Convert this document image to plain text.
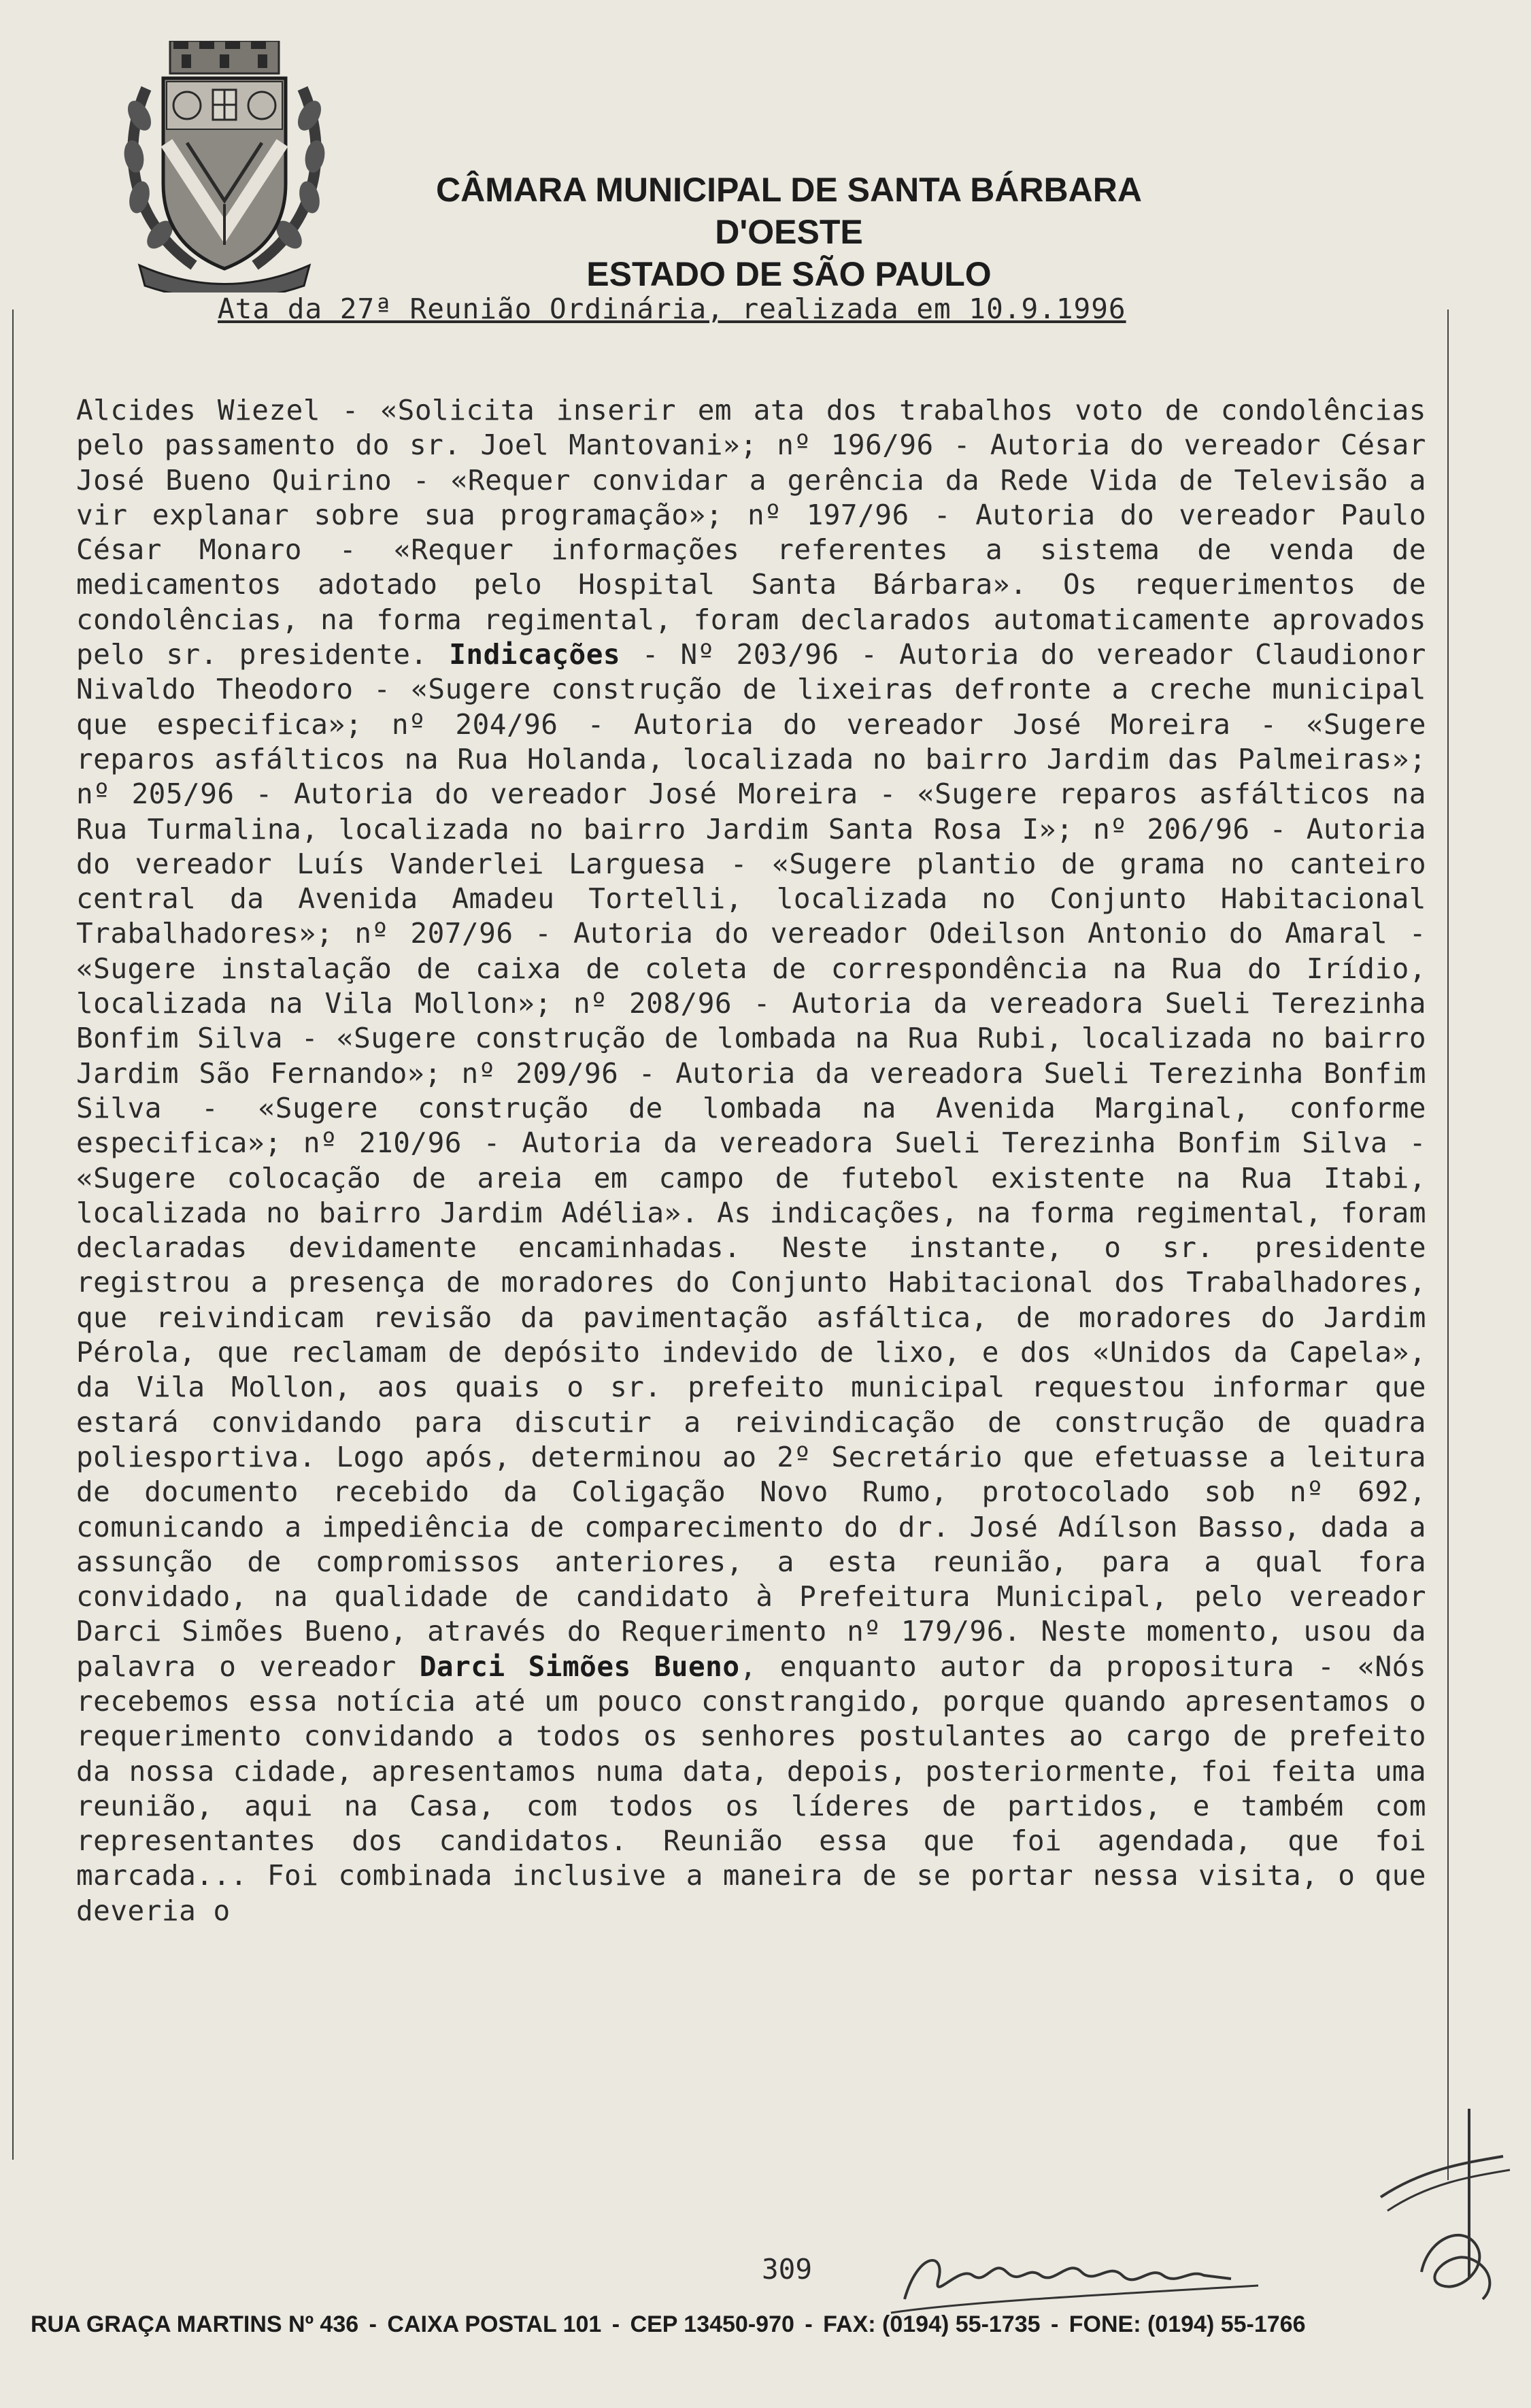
CÂMARA MUNICIPAL DE SANTA BÁRBARA D'OESTE
ESTADO DE SÃO PAULO
Ata da 27ª Reunião Ordinária, realizada em 10.9.1996
Alcides Wiezel - «Solicita inserir em ata dos trabalhos voto de condolências pelo passamento do sr. Joel Mantovani»; nº 196/96 - Autoria do vereador César José Bueno Quirino - «Requer convidar a gerência da Rede Vida de Televisão a vir explanar sobre sua programação»; nº 197/96 - Autoria do vereador Paulo César Monaro - «Requer informações referentes a sistema de venda de medicamentos adotado pelo Hospital Santa Bárbara». Os requerimentos de condolências, na forma regimental, foram declarados automaticamente aprovados pelo sr. presidente. Indicações - Nº 203/96 - Autoria do vereador Claudionor Nivaldo Theodoro - «Sugere construção de lixeiras defronte a creche municipal que especifica»; nº 204/96 - Autoria do vereador José Moreira - «Sugere reparos asfálticos na Rua Holanda, localizada no bairro Jardim das Palmeiras»; nº 205/96 - Autoria do vereador José Moreira - «Sugere reparos asfálticos na Rua Turmalina, localizada no bairro Jardim Santa Rosa I»; nº 206/96 - Autoria do vereador Luís Vanderlei Larguesa - «Sugere plantio de grama no canteiro central da Avenida Amadeu Tortelli, localizada no Conjunto Habitacional Trabalhadores»; nº 207/96 - Autoria do vereador Odeilson Antonio do Amaral - «Sugere instalação de caixa de coleta de correspondência na Rua do Irídio, localizada na Vila Mollon»; nº 208/96 - Autoria da vereadora Sueli Terezinha Bonfim Silva - «Sugere construção de lombada na Rua Rubi, localizada no bairro Jardim São Fernando»; nº 209/96 - Autoria da vereadora Sueli Terezinha Bonfim Silva - «Sugere construção de lombada na Avenida Marginal, conforme especifica»; nº 210/96 - Autoria da vereadora Sueli Terezinha Bonfim Silva - «Sugere colocação de areia em campo de futebol existente na Rua Itabi, localizada no bairro Jardim Adélia». As indicações, na forma regimental, foram declaradas devidamente encaminhadas. Neste instante, o sr. presidente registrou a presença de moradores do Conjunto Habitacional dos Trabalhadores, que reivindicam revisão da pavimentação asfáltica, de moradores do Jardim Pérola, que reclamam de depósito indevido de lixo, e dos «Unidos da Capela», da Vila Mollon, aos quais o sr. prefeito municipal requestou informar que estará convidando para discutir a reivindicação de construção de quadra poliesportiva. Logo após, determinou ao 2º Secretário que efetuasse a leitura de documento recebido da Coligação Novo Rumo, protocolado sob nº 692, comunicando a impediência de comparecimento do dr. José Adílson Basso, dada a assunção de compromissos anteriores, a esta reunião, para a qual fora convidado, na qualidade de candidato à Prefeitura Municipal, pelo vereador Darci Simões Bueno, através do Requerimento nº 179/96. Neste momento, usou da palavra o vereador Darci Simões Bueno, enquanto autor da propositura - «Nós recebemos essa notícia até um pouco constrangido, porque quando apresentamos o requerimento convidando a todos os senhores postulantes ao cargo de prefeito da nossa cidade, apresentamos numa data, depois, posteriormente, foi feita uma reunião, aqui na Casa, com todos os líderes de partidos, e também com representantes dos candidatos. Reunião essa que foi agendada, que foi marcada... Foi combinada inclusive a maneira de se portar nessa visita, o que deveria o
309
RUA GRAÇA MARTINS Nº 436 - CAIXA POSTAL 101 - CEP 13450-970 - FAX: (0194) 55-1735 - FONE: (0194) 55-1766
